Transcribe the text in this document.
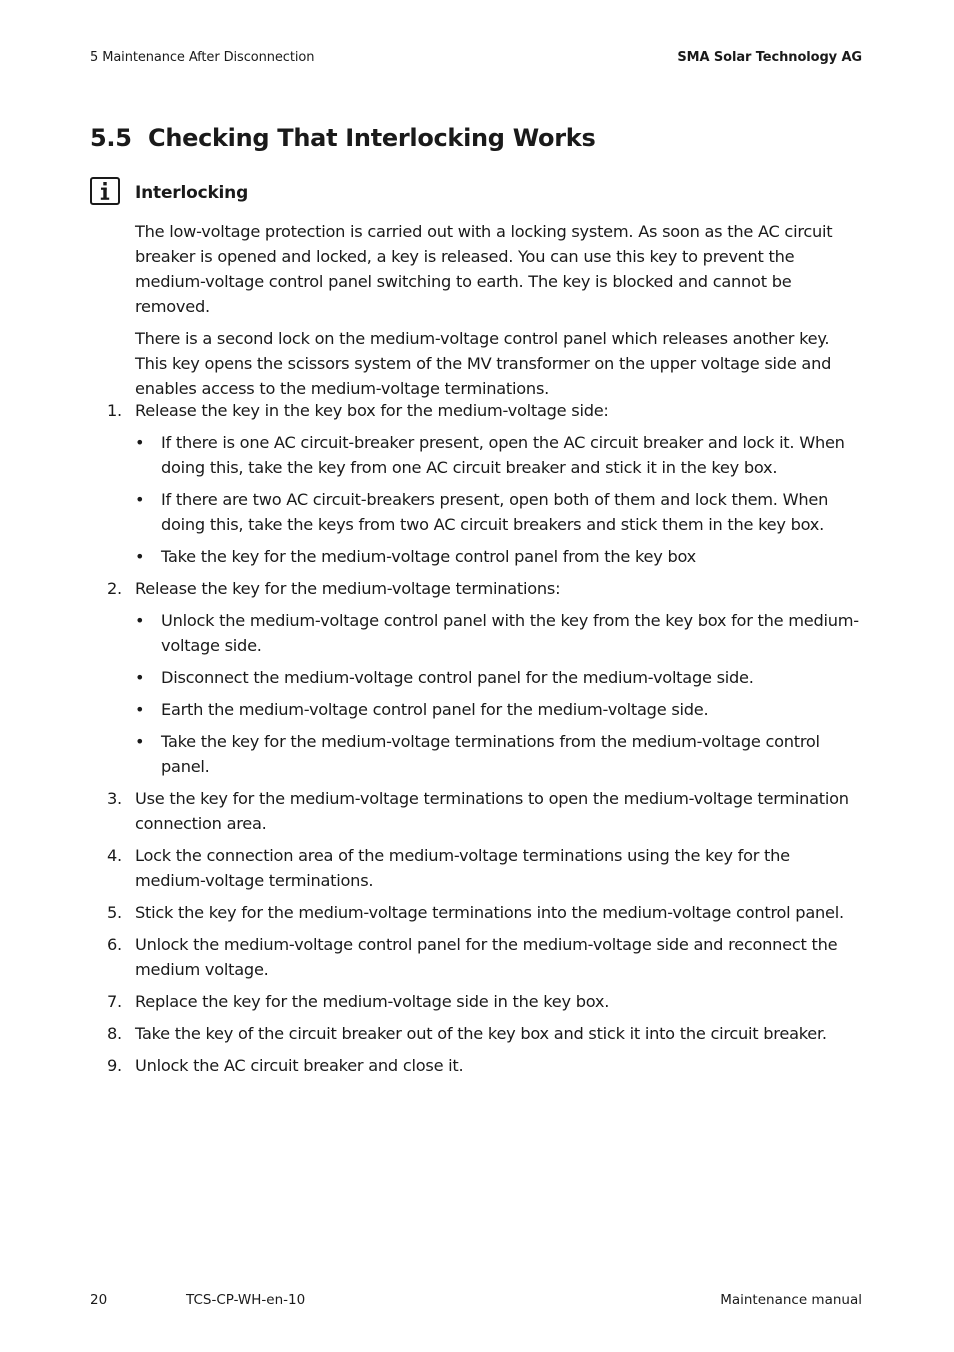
5 Maintenance After Disconnection	SMA Solar Technology AG
5.5 Checking That Interlocking Works
Interlocking

The low-voltage protection is carried out with a locking system. As soon as the AC circuit breaker is opened and locked, a key is released. You can use this key to prevent the medium-voltage control panel switching to earth. The key is blocked and cannot be removed.

There is a second lock on the medium-voltage control panel which releases another key. This key opens the scissors system of the MV transformer on the upper voltage side and enables access to the medium-voltage terminations.

1. Release the key in the key box for the medium-voltage side:
•	If there is one AC circuit-breaker present, open the AC circuit breaker and lock it. When doing this, take the key from one AC circuit breaker and stick it in the key box.
•	If there are two AC circuit-breakers present, open both of them and lock them. When doing this, take the keys from two AC circuit breakers and stick them in the key box.
•	Take the key for the medium-voltage control panel from the key box
2. Release the key for the medium-voltage terminations:
•	Unlock the medium-voltage control panel with the key from the key box for the medium-voltage side.
•	Disconnect the medium-voltage control panel for the medium-voltage side.
•	Earth the medium-voltage control panel for the medium-voltage side.
•	Take the key for the medium-voltage terminations from the medium-voltage control panel.
3. Use the key for the medium-voltage terminations to open the medium-voltage termination connection area.
4. Lock the connection area of the medium-voltage terminations using the key for the medium-voltage terminations.
5. Stick the key for the medium-voltage terminations into the medium-voltage control panel.
6. Unlock the medium-voltage control panel for the medium-voltage side and reconnect the medium voltage.
7. Replace the key for the medium-voltage side in the key box.
8. Take the key of the circuit breaker out of the key box and stick it into the circuit breaker.
9. Unlock the AC circuit breaker and close it.
20	TCS-CP-WH-en-10	Maintenance manual
